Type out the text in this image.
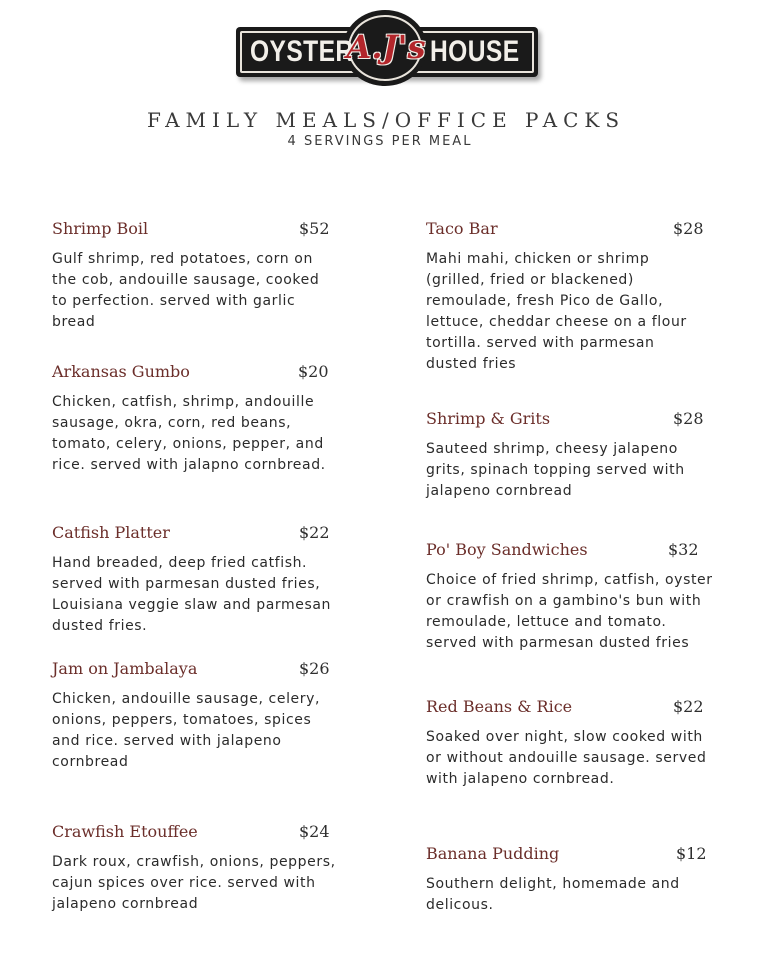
OYSTER	HOUSE
A.J's
FAMILY MEALS/OFFICE PACKS
4 SERVINGS PER MEAL
Shrimp Boil	$52
Gulf shrimp, red potatoes, corn on the cob, andouille sausage, cooked to perfection. served with garlic bread
Arkansas Gumbo	$20
Chicken, catfish, shrimp, andouille sausage, okra, corn, red beans, tomato, celery, onions, pepper, and rice. served with jalapno cornbread.
Catfish Platter	$22
Hand breaded, deep fried catfish. served with parmesan dusted fries, Louisiana veggie slaw and parmesan dusted fries.
Jam on Jambalaya	$26
Chicken, andouille sausage, celery, onions, peppers, tomatoes, spices and rice. served with jalapeno cornbread
Crawfish Etouffee	$24
Dark roux, crawfish, onions, peppers, cajun spices over rice. served with jalapeno cornbread
Taco Bar	$28
Mahi mahi, chicken or shrimp (grilled, fried or blackened) remoulade, fresh Pico de Gallo, lettuce, cheddar cheese on a flour tortilla. served with parmesan dusted fries
Shrimp & Grits	$28
Sauteed shrimp, cheesy jalapeno grits, spinach topping served with jalapeno cornbread
Po' Boy Sandwiches	$32
Choice of fried shrimp, catfish, oyster or crawfish on a gambino's bun with remoulade, lettuce and tomato. served with parmesan dusted fries
Red Beans & Rice	$22
Soaked over night, slow cooked with or without andouille sausage. served with jalapeno cornbread.
Banana Pudding	$12
Southern delight, homemade and delicous.
